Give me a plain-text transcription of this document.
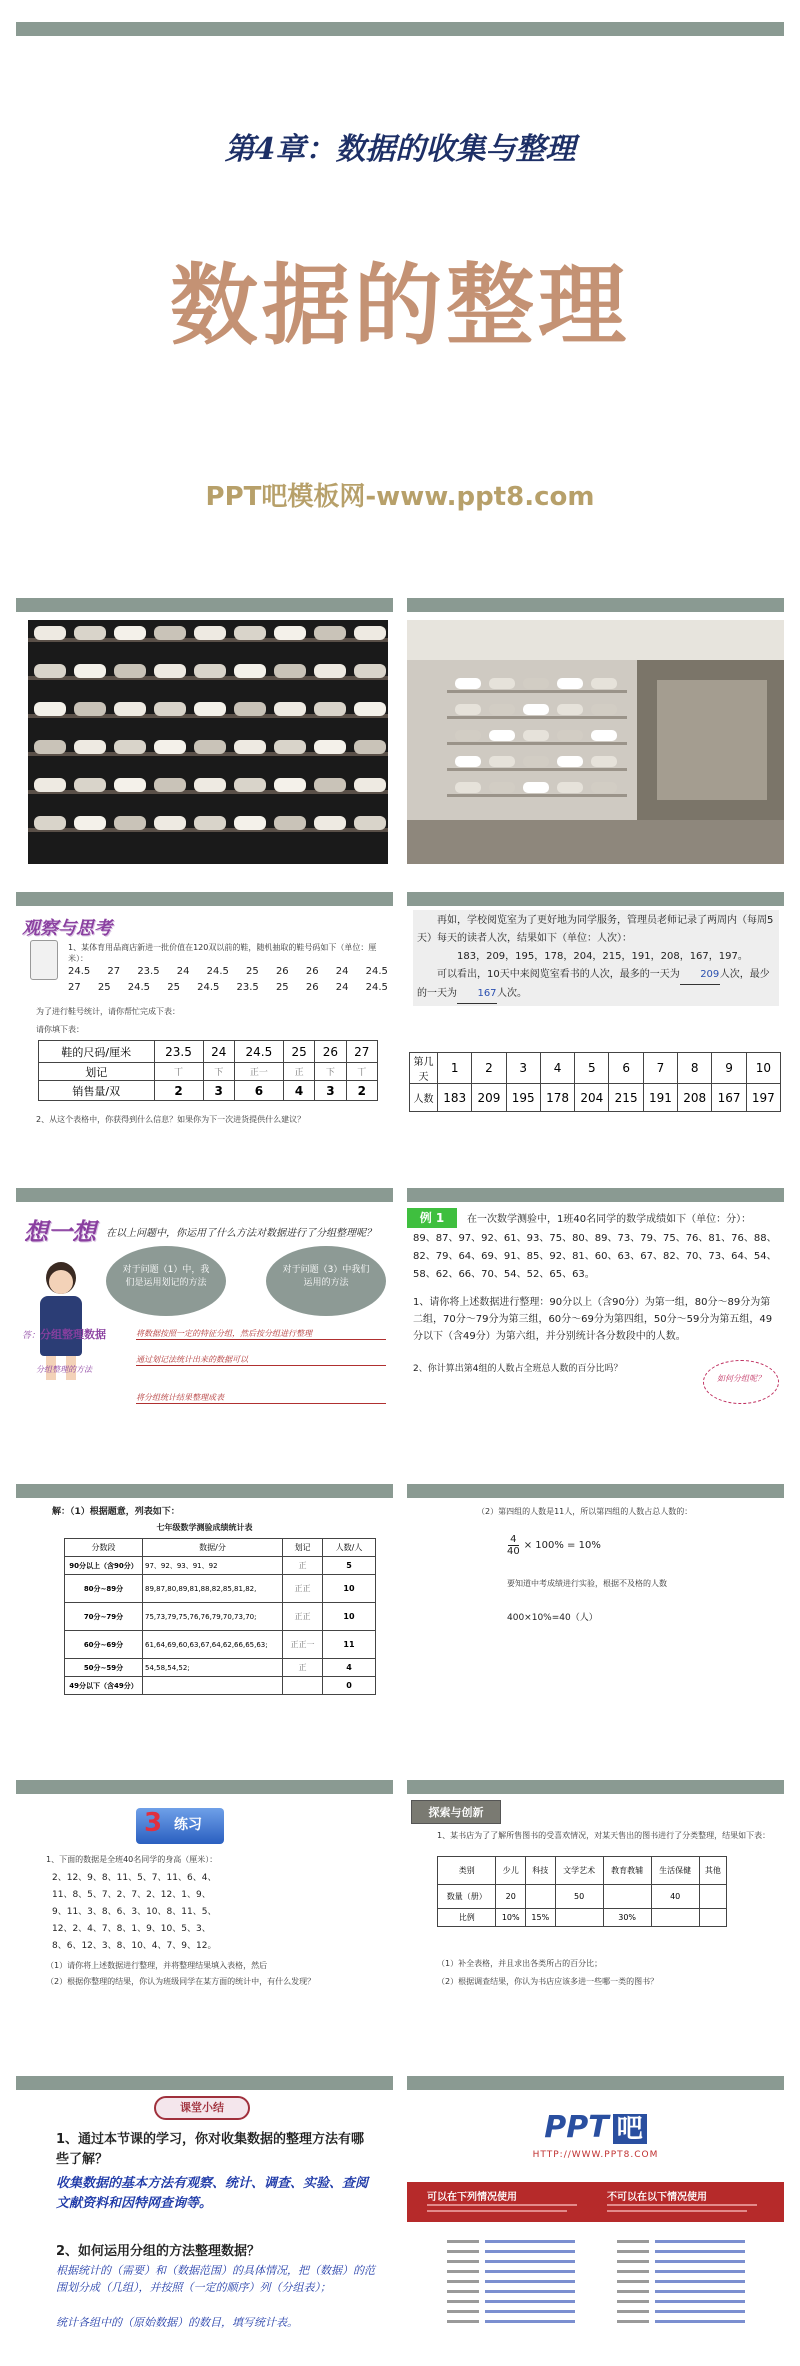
第4章：数据的收集与整理
数据的整理
PPT吧模板网-www.ppt8.com
观察与思考
1、某体育用品商店新进一批价值在120双以前的鞋，随机抽取的鞋号码如下（单位：厘米）：
24.5 27 23.5 24 24.5 25 26 26 24 24.5
27 25 24.5 25 24.5 23.5 25 26 24 24.5
为了进行鞋号统计，请你帮忙完成下表：
请你填下表：
鞋的尺码/厘米	23.5	24	24.5	25	26	27
划记	丅	下	正一	正	下	丅
销售量/双	2	3	6	4	3	2
2、从这个表格中，你获得到什么信息？如果你为下一次进货提供什么建议？
再如，学校阅览室为了更好地为同学服务，管理员老师记录了两周内（每周5天）每天的读者人次，结果如下（单位：人次）：
183，209，195，178，204，215，191，208，167，197。
可以看出，10天中来阅览室看书的人次，最多的一天为 209人次，最少的一天为 167人次。
第几天	1	2	3	4	5	6	7	8	9	10
人数	183	209	195	178	204	215	191	208	167	197
想一想 在以上问题中，你运用了什么方法对数据进行了分组整理呢？
对于问题（1）中，我们是运用划记的方法
对于问题（3）中我们运用的方法
答：分组整理数据	将数据按照一定的特征分组，然后按分组进行整理
通过划记法统计出来的数据可以
分组整理的方法
将分组统计结果整理成表
例 1	在一次数学测验中，1班40名同学的数学成绩如下（单位：分）：
89、87、97、92、61、93、75、80、89、73、79、75、76、81、76、88、
82、79、64、69、91、85、92、81、60、63、67、82、70、73、64、54、
58、62、66、70、54、52、65、63。
1、请你将上述数据进行整理：90分以上（含90分）为第一组，80分～89分为第二组，70分～79分为第三组，60分～69分为第四组，50分～59分为第五组，49分以下（含49分）为第六组，并分别统计各分数段中的人数。
2、你计算出第4组的人数占全班总人数的百分比吗？
如何分组呢？
解：（1）根据题意，列表如下：
七年级数学测验成绩统计表
分数段	数据/分	划记	人数/人
90分以上（含90分）	97、92、93、91、92	正	5
80分~89分	89,87,80,89,81,88,82,85,81,82,	正正	10
70分~79分	75,73,79,75,76,76,79,70,73,70;	正正	10
60分~69分	61,64,69,60,63,67,64,62,66,65,63;	正正一	11
50分~59分	54,58,54,52;	正	4
49分以下（含49分）			0
（2）第四组的人数是11人，所以第四组的人数占总人数的：
$\frac{4}{40} \times 100\% = 10\%$
要知道中考成绩进行实验，根据不及格的人数
400×10%=40（人）
练习
3
1、下面的数据是全班40名同学的身高（厘米）：
2、12、9、8、11、5、7、11、6、4、
11、8、5、7、2、7、2、12、1、9、
9、11、3、8、6、3、10、8、11、5、
12、2、4、7、8、1、9、10、5、3、
8、6、12、3、8、10、4、7、9、12。
（1）请你将上述数据进行整理，并将整理结果填入表格，然后
（2）根据你整理的结果，你认为班级同学在某方面的统计中，有什么发现？
探索与创新
1、某书店为了了解所售图书的受喜欢情况，对某天售出的图书进行了分类整理，结果如下表：
类别	少儿	科技	文学艺术	教育教辅	生活保健	其他
数量（册）	20		50		40	
比例	10%	15%		30%		
（1）补全表格，并且求出各类所占的百分比；
（2）根据调查结果，你认为书店应该多进一些哪一类的图书？
课堂小结
1、通过本节课的学习，你对收集数据的整理方法有哪些了解？
收集数据的基本方法有观察、统计、调查、实验、查阅文献资料和因特网查询等。
2、如何运用分组的方法整理数据？
根据统计的（需要）和（数据范围）的具体情况，把（数据）的范围划分成（几组），并按照（一定的顺序）列（分组表）；
统计各组中的（原始数据）的数目，填写统计表。
PPT 吧
HTTP://WWW.PPT8.COM
可以在下列情况使用	不可以在以下情况使用
